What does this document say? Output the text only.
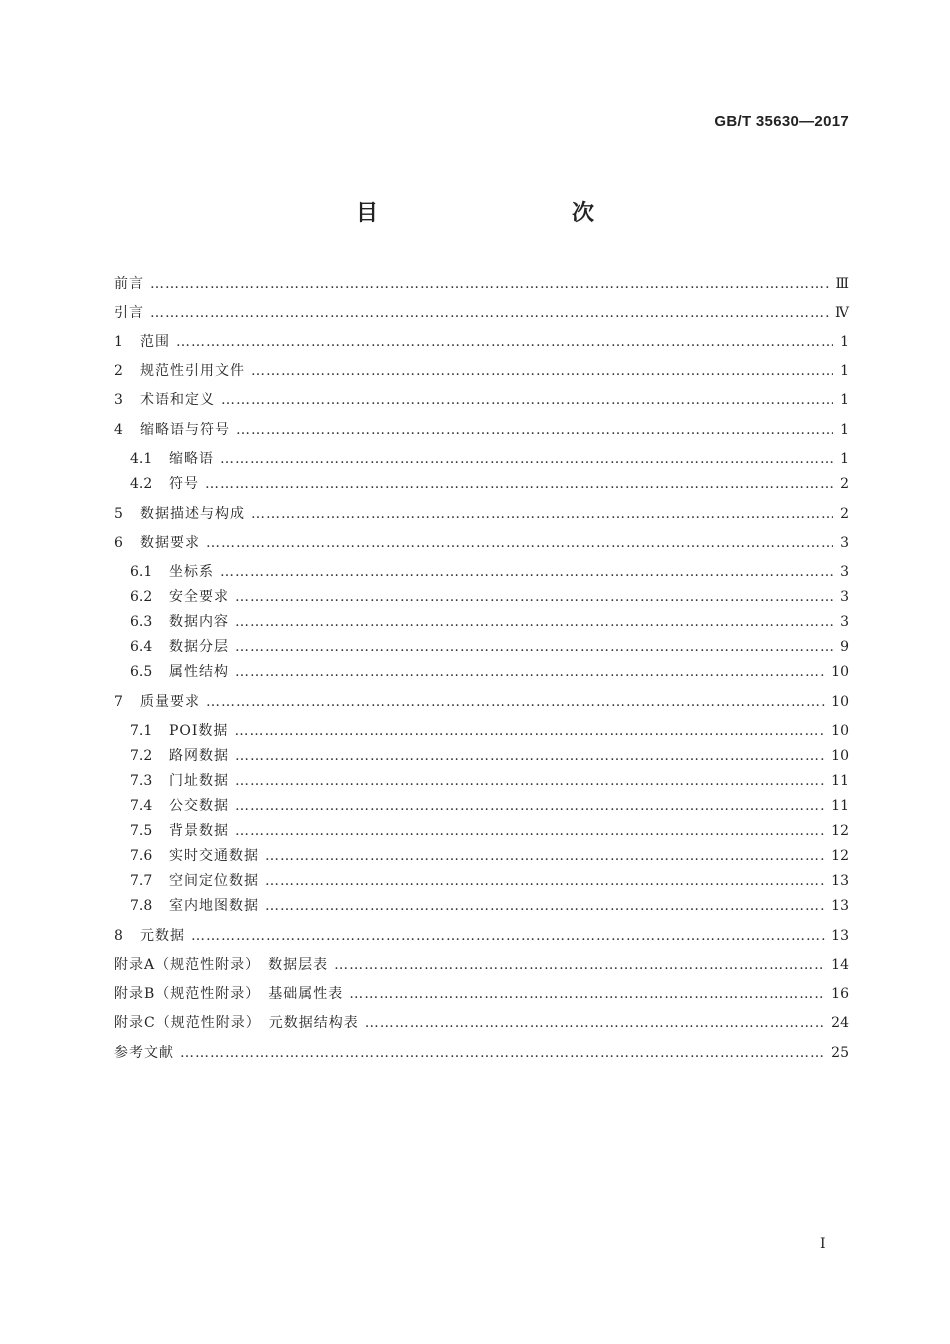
GB/T 35630—2017
目　　次
前言 ……………………………………………………………………………………………………………………………………………………………………………………………………………………	Ⅲ
引言 ……………………………………………………………………………………………………………………………………………………………………………………………………………………	Ⅳ
1	范围 ……………………………………………………………………………………………………………………………………………………………………………………………………………………	1
2	规范性引用文件 ……………………………………………………………………………………………………………………………………………………………………………………………………………………	1
3	术语和定义 ……………………………………………………………………………………………………………………………………………………………………………………………………………………	1
4	缩略语与符号 ……………………………………………………………………………………………………………………………………………………………………………………………………………………	1
4.1	缩略语 ……………………………………………………………………………………………………………………………………………………………………………………………………………………	1
4.2	符号 ……………………………………………………………………………………………………………………………………………………………………………………………………………………	2
5	数据描述与构成 ……………………………………………………………………………………………………………………………………………………………………………………………………………………	2
6	数据要求 ……………………………………………………………………………………………………………………………………………………………………………………………………………………	3
6.1	坐标系 ……………………………………………………………………………………………………………………………………………………………………………………………………………………	3
6.2	安全要求 ……………………………………………………………………………………………………………………………………………………………………………………………………………………	3
6.3	数据内容 ……………………………………………………………………………………………………………………………………………………………………………………………………………………	3
6.4	数据分层 ……………………………………………………………………………………………………………………………………………………………………………………………………………………	9
6.5	属性结构 ……………………………………………………………………………………………………………………………………………………………………………………………………………………	10
7	质量要求 ……………………………………………………………………………………………………………………………………………………………………………………………………………………	10
7.1	POI数据 ……………………………………………………………………………………………………………………………………………………………………………………………………………………	10
7.2	路网数据 ……………………………………………………………………………………………………………………………………………………………………………………………………………………	10
7.3	门址数据 ……………………………………………………………………………………………………………………………………………………………………………………………………………………	11
7.4	公交数据 ……………………………………………………………………………………………………………………………………………………………………………………………………………………	11
7.5	背景数据 ……………………………………………………………………………………………………………………………………………………………………………………………………………………	12
7.6	实时交通数据 ……………………………………………………………………………………………………………………………………………………………………………………………………………………	12
7.7	空间定位数据 ……………………………………………………………………………………………………………………………………………………………………………………………………………………	13
7.8	室内地图数据 ……………………………………………………………………………………………………………………………………………………………………………………………………………………	13
8	元数据 ……………………………………………………………………………………………………………………………………………………………………………………………………………………	13
附录A（规范性附录）　数据层表 ……………………………………………………………………………………………………………………………………………………………………………………………………………………	14
附录B（规范性附录）　基础属性表 ……………………………………………………………………………………………………………………………………………………………………………………………………………………	16
附录C（规范性附录）　元数据结构表 ……………………………………………………………………………………………………………………………………………………………………………………………………………………	24
参考文献 ……………………………………………………………………………………………………………………………………………………………………………………………………………………	25
Ⅰ
